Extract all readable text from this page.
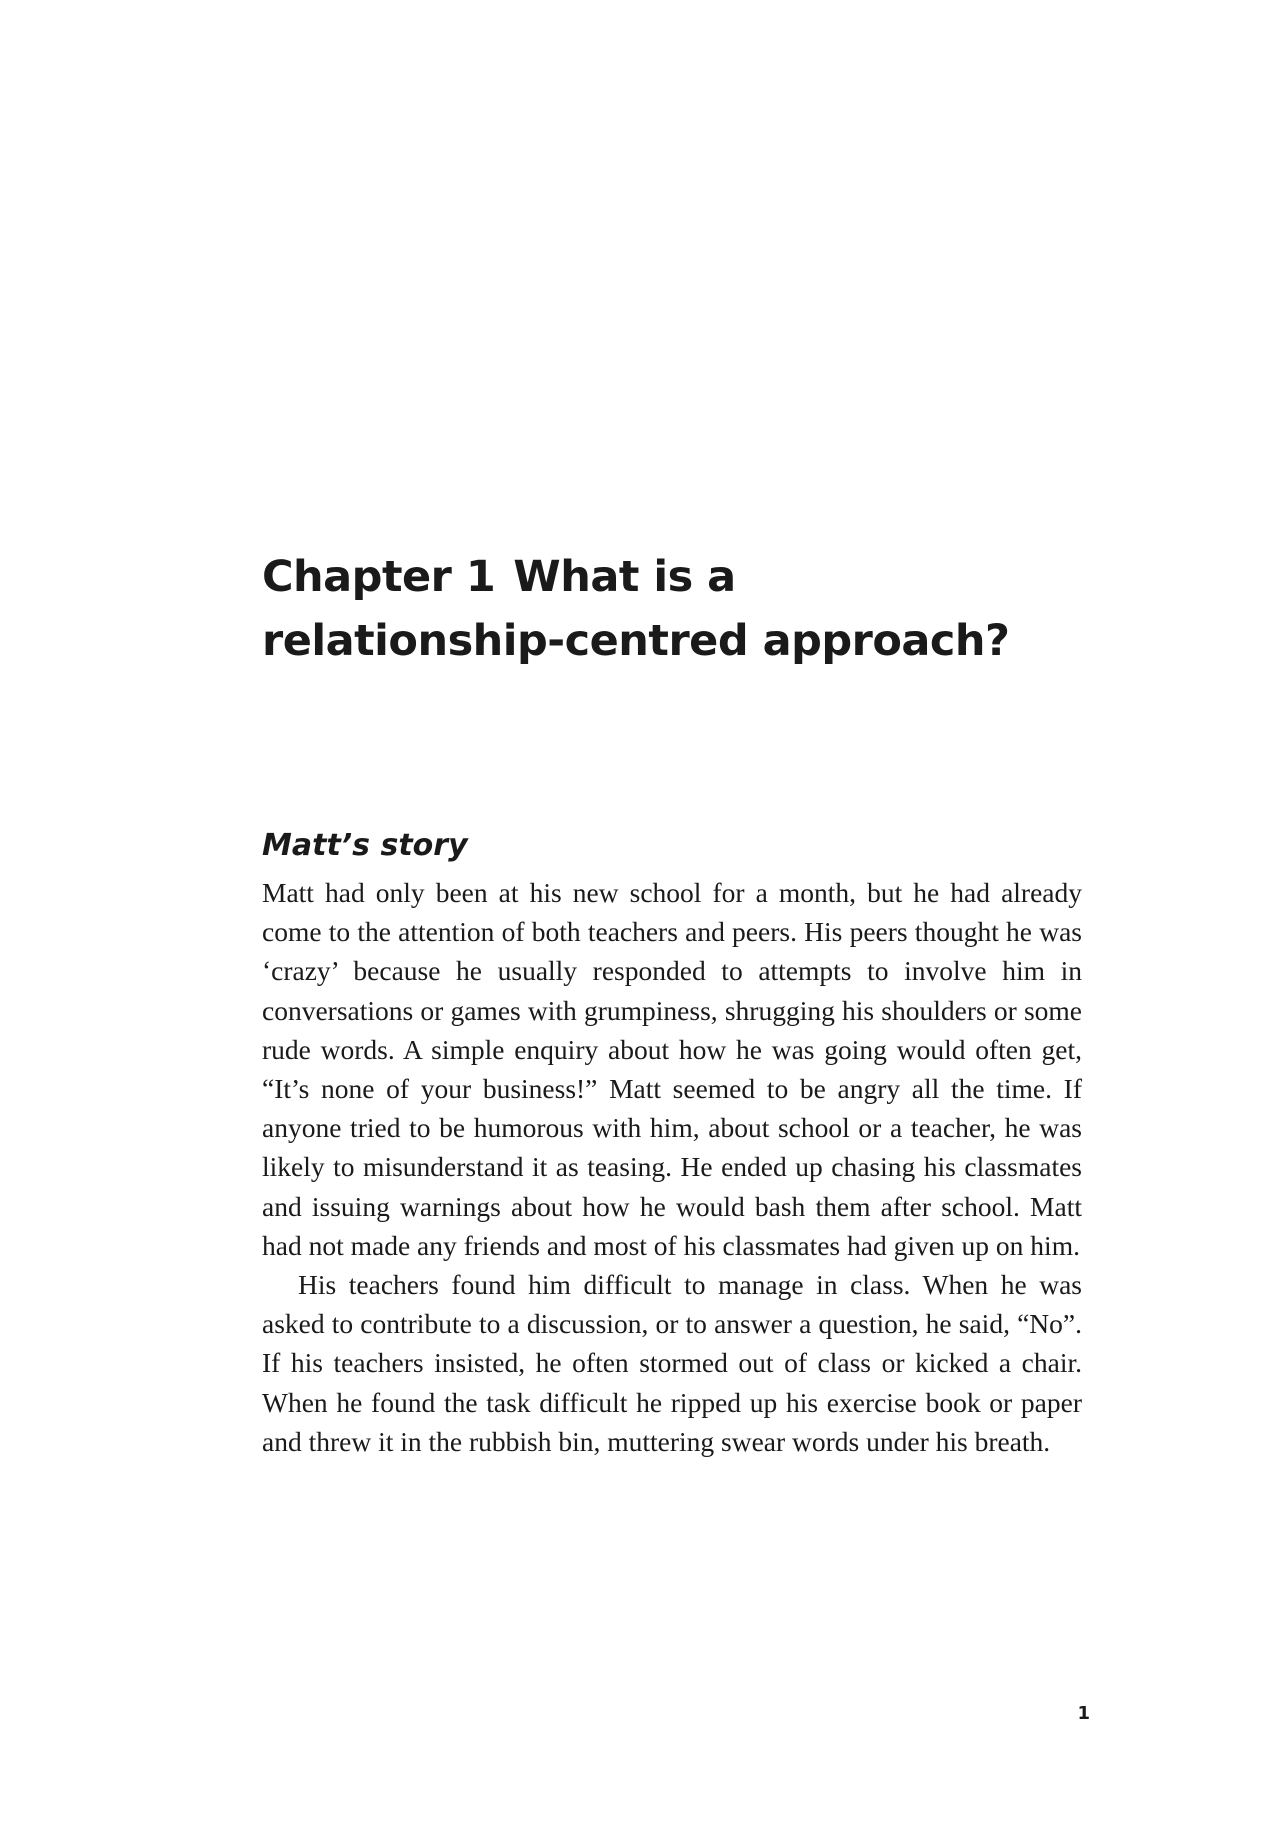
Chapter 1 What is a relationship-centred approach?
Matt’s story

Matt had only been at his new school for a month, but he had already come to the attention of both teachers and peers. His peers thought he was ‘crazy’ because he usually responded to attempts to involve him in conversations or games with grumpiness, shrugging his shoulders or some rude words. A simple enquiry about how he was going would often get, “It’s none of your business!” Matt seemed to be angry all the time. If anyone tried to be humorous with him, about school or a teacher, he was likely to misunderstand it as teasing. He ended up chasing his classmates and issuing warnings about how he would bash them after school. Matt had not made any friends and most of his classmates had given up on him.

His teachers found him difficult to manage in class. When he was asked to contribute to a discussion, or to answer a question, he said, “No”. If his teachers insisted, he often stormed out of class or kicked a chair. When he found the task difficult he ripped up his exercise book or paper and threw it in the rubbish bin, muttering swear words under his breath.

1
